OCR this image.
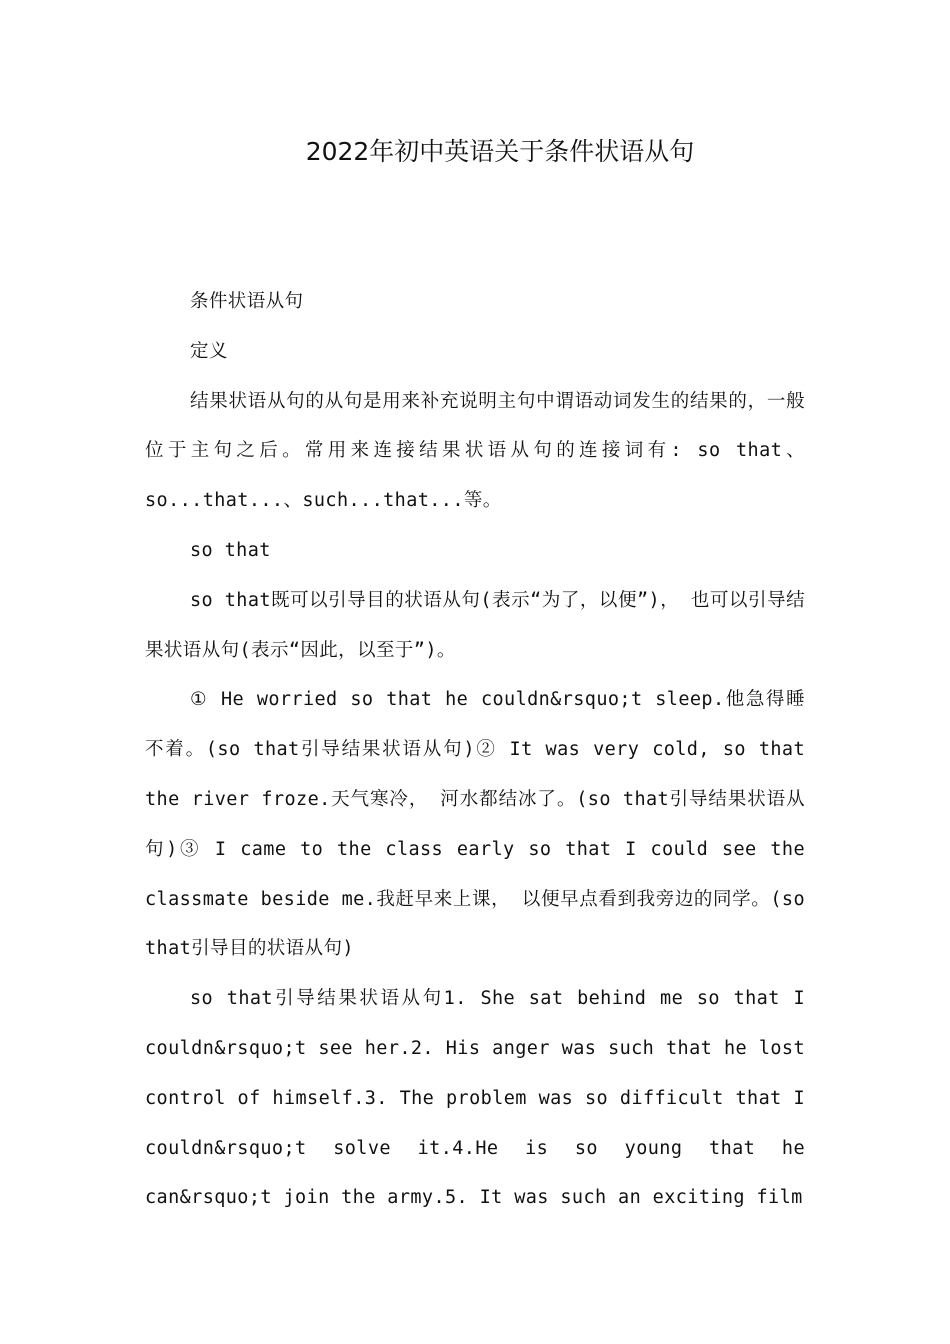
2022年初中英语关于条件状语从句

条件状语从句

定义

结果状语从句的从句是用来补充说明主句中谓语动词发生的结果的，一般位于主句之后。常用来连接结果状语从句的连接词有: so that、so...that...、such...that...等。

so that

so that既可以引导目的状语从句(表示“为了，以便”)， 也可以引导结果状语从句(表示“因此，以至于”)。

① He worried so that he couldn&rsquo;t sleep.他急得睡不着。(so that引导结果状语从句)② It was very cold, so that the river froze.天气寒冷， 河水都结冰了。(so that引导结果状语从句)③ I came to the class early so that I could see the classmate beside me.我赶早来上课， 以便早点看到我旁边的同学。(so that引导目的状语从句)

so that引导结果状语从句1. She sat behind me so that I couldn&rsquo;t see her.2. His anger was such that he lost control of himself.3. The problem was so difficult that I couldn&rsquo;t solve it.4.He is so young that he can&rsquo;t join the army.5. It was such an exciting film
